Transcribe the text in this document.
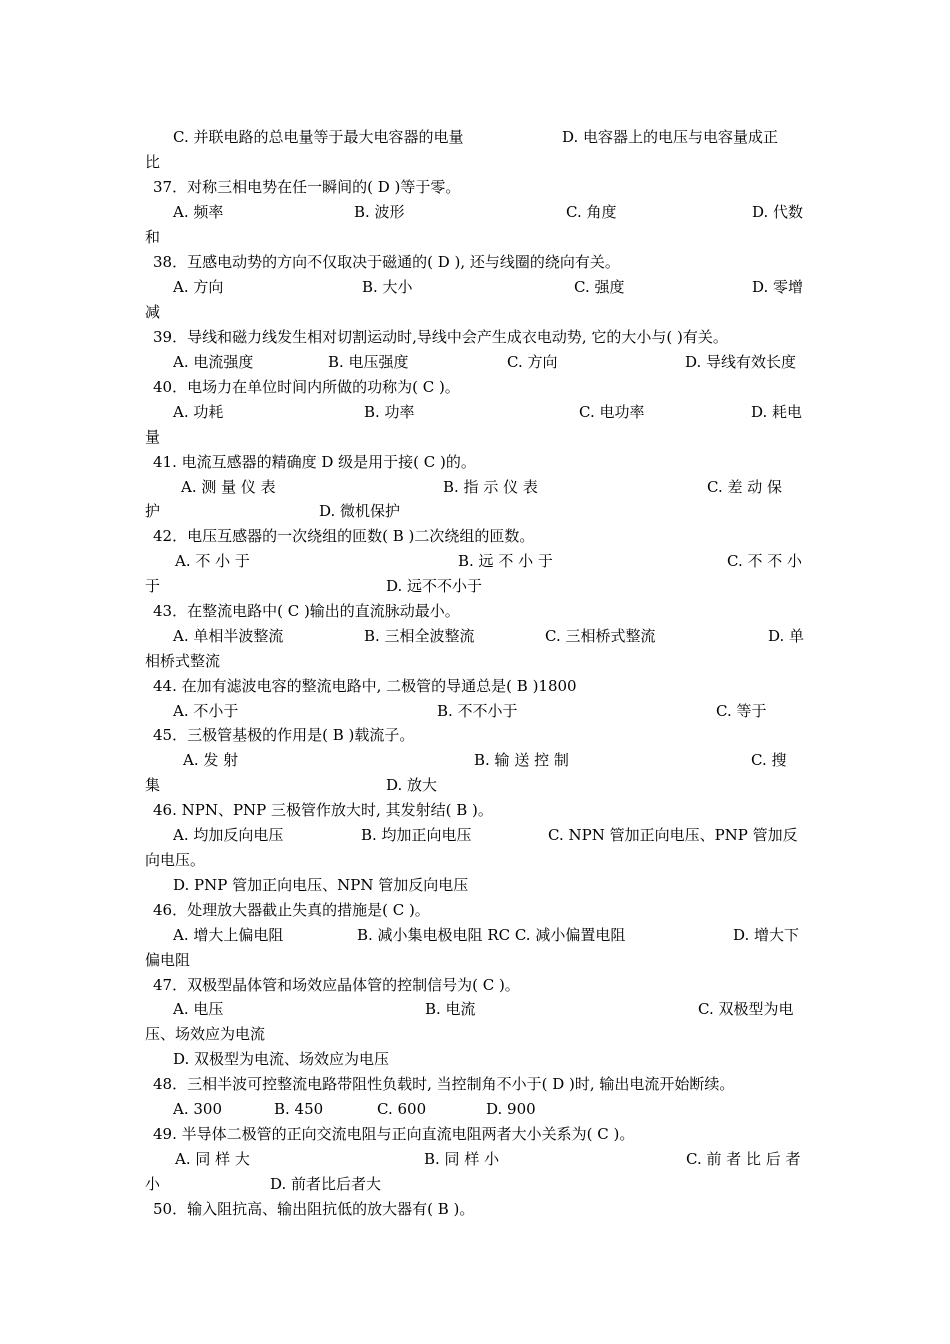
C. 并联电路的总电量等于最大电容器的电量	D. 电容器上的电压与电容量成正
比
37．对称三相电势在任一瞬间的( D )等于零。
A. 频率	B. 波形	C. 角度	D. 代数
和
38．互感电动势的方向不仅取决于磁通的( D ), 还与线圈的绕向有关。
A. 方向	B. 大小	C. 强度	D. 零增
减
39．导线和磁力线发生相对切割运动时,导线中会产生成衣电动势, 它的大小与( )有关。
A. 电流强度	B. 电压强度	C. 方向	D. 导线有效长度
40．电场力在单位时间内所做的功称为( C )。
A. 功耗	B. 功率	C. 电功率	D. 耗电
量
41. 电流互感器的精确度 D 级是用于接( C )的。
A. 测 量 仪 表	B. 指 示 仪 表	C. 差 动 保
护	D. 微机保护
42．电压互感器的一次绕组的匝数( B )二次绕组的匝数。
A. 不 小 于	B. 远 不 小 于	C. 不 不 小
于	D. 远不不小于
43．在整流电路中( C )输出的直流脉动最小。
A. 单相半波整流	B. 三相全波整流	C. 三相桥式整流	D. 单
相桥式整流
44. 在加有滤波电容的整流电路中, 二极管的导通总是( B )1800
A. 不小于	B. 不不小于	C. 等于
45．三极管基极的作用是( B )载流子。
A. 发 射	B. 输 送 控 制	C. 搜
集	D. 放大
46. NPN、PNP 三极管作放大时, 其发射结( B )。
A. 均加反向电压	B. 均加正向电压	C. NPN 管加正向电压、PNP 管加反
向电压。
D. PNP 管加正向电压、NPN 管加反向电压
46．处理放大器截止失真的措施是( C )。
A. 增大上偏电阻	B. 减小集电极电阻 RC C. 减小偏置电阻	D. 增大下
偏电阻
47．双极型晶体管和场效应晶体管的控制信号为( C )。
A. 电压	B. 电流	C. 双极型为电
压、场效应为电流
D. 双极型为电流、场效应为电压
48．三相半波可控整流电路带阻性负载时, 当控制角不小于( D )时, 输出电流开始断续。
A. 300	B. 450	C. 600	D. 900
49. 半导体二极管的正向交流电阻与正向直流电阻两者大小关系为( C )。
A. 同 样 大	B. 同 样 小	C. 前 者 比 后 者
小	D. 前者比后者大
50．输入阻抗高、输出阻抗低的放大器有( B )。
